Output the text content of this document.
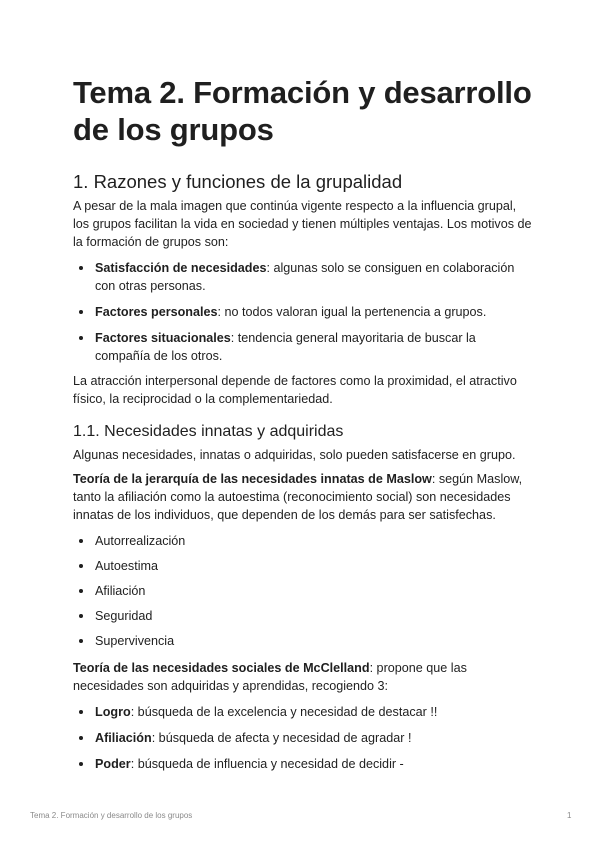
Tema 2. Formación y desarrollo de los grupos
1. Razones y funciones de la grupalidad

A pesar de la mala imagen que continúa vigente respecto a la influencia grupal, los grupos facilitan la vida en sociedad y tienen múltiples ventajas. Los motivos de la formación de grupos son:

Satisfacción de necesidades: algunas solo se consiguen en colaboración con otras personas.
Factores personales: no todos valoran igual la pertenencia a grupos.
Factores situacionales: tendencia general mayoritaria de buscar la compañía de los otros.

La atracción interpersonal depende de factores como la proximidad, el atractivo físico, la reciprocidad o la complementariedad.

1.1. Necesidades innatas y adquiridas

Algunas necesidades, innatas o adquiridas, solo pueden satisfacerse en grupo.

Teoría de la jerarquía de las necesidades innatas de Maslow: según Maslow, tanto la afiliación como la autoestima (reconocimiento social) son necesidades innatas de los individuos, que dependen de los demás para ser satisfechas.

Autorrealización
Autoestima
Afiliación
Seguridad
Supervivencia

Teoría de las necesidades sociales de McClelland: propone que las necesidades son adquiridas y aprendidas, recogiendo 3:

Logro: búsqueda de la excelencia y necesidad de destacar !!
Afiliación: búsqueda de afecta y necesidad de agradar !
Poder: búsqueda de influencia y necesidad de decidir -
Tema 2. Formación y desarrollo de los grupos	1
